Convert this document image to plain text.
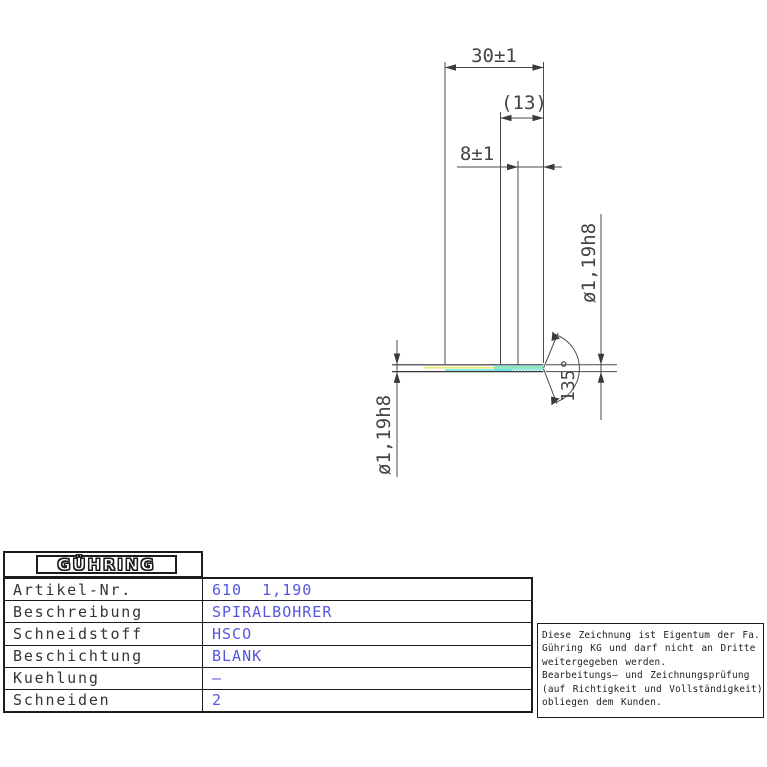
30±1
(13)
8±1
ø1,19h8
ø1,19h8
135°
GÜHRING
Artikel-Nr.	610  1,190
Beschreibung	SPIRALBOHRER
Schneidstoff	HSCO
Beschichtung	BLANK
Kuehlung	–
Schneiden	2
Diese Zeichnung ist Eigentum der Fa.
Gühring KG und darf nicht an Dritte
weitergegeben werden.
Bearbeitungs– und Zeichnungsprüfung
(auf Richtigkeit und Vollständigkeit)
obliegen dem Kunden.
